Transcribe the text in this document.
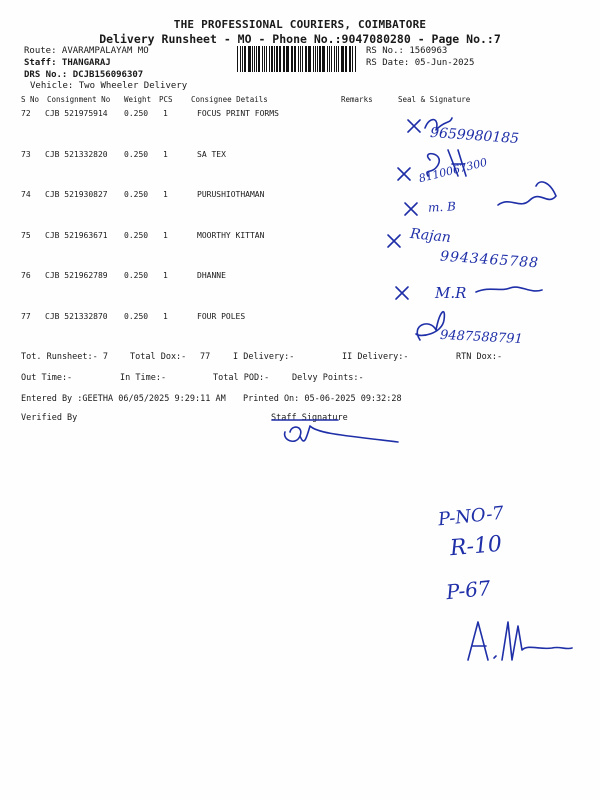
THE PROFESSIONAL COURIERS, COIMBATORE
Delivery Runsheet - MO - Phone No.:9047080280 - Page No.:7
Route: AVARAMPALAYAM MO
Staff: THANGARAJ
DRS No.: DCJB156096307
Vehicle: Two Wheeler Delivery
RS No.: 1560963
RS Date: 05-Jun-2025
S No Consignment No Weight PCS Consignee Details	Remarks	Seal & Signature
72 CJB 521975914 0.250 1	FOCUS PRINT FORMS
73 CJB 521332820 0.250 1	SA TEX
74 CJB 521930827 0.250 1	PURUSHIOTHAMAN
75 CJB 521963671 0.250 1	MOORTHY KITTAN
76 CJB 521962789 0.250 1	DHANNE
77 CJB 521332870 0.250 1	FOUR POLES
Tot. Runsheet:- 7	Total Dox:- 77	I Delivery:-	II Delivery:-	RTN Dox:-
Out Time:-	In Time:-	Total POD:-	Delvy Points:-
Entered By :GEETHA 06/05/2025 9:29:11 AM Printed On: 05-06-2025 09:32:28
Verified By	Staff Signature
9659980185
8110067300
m. B
Rajan
9943465788
M.R
9487588791
P-NO-7
R-10
P-67
